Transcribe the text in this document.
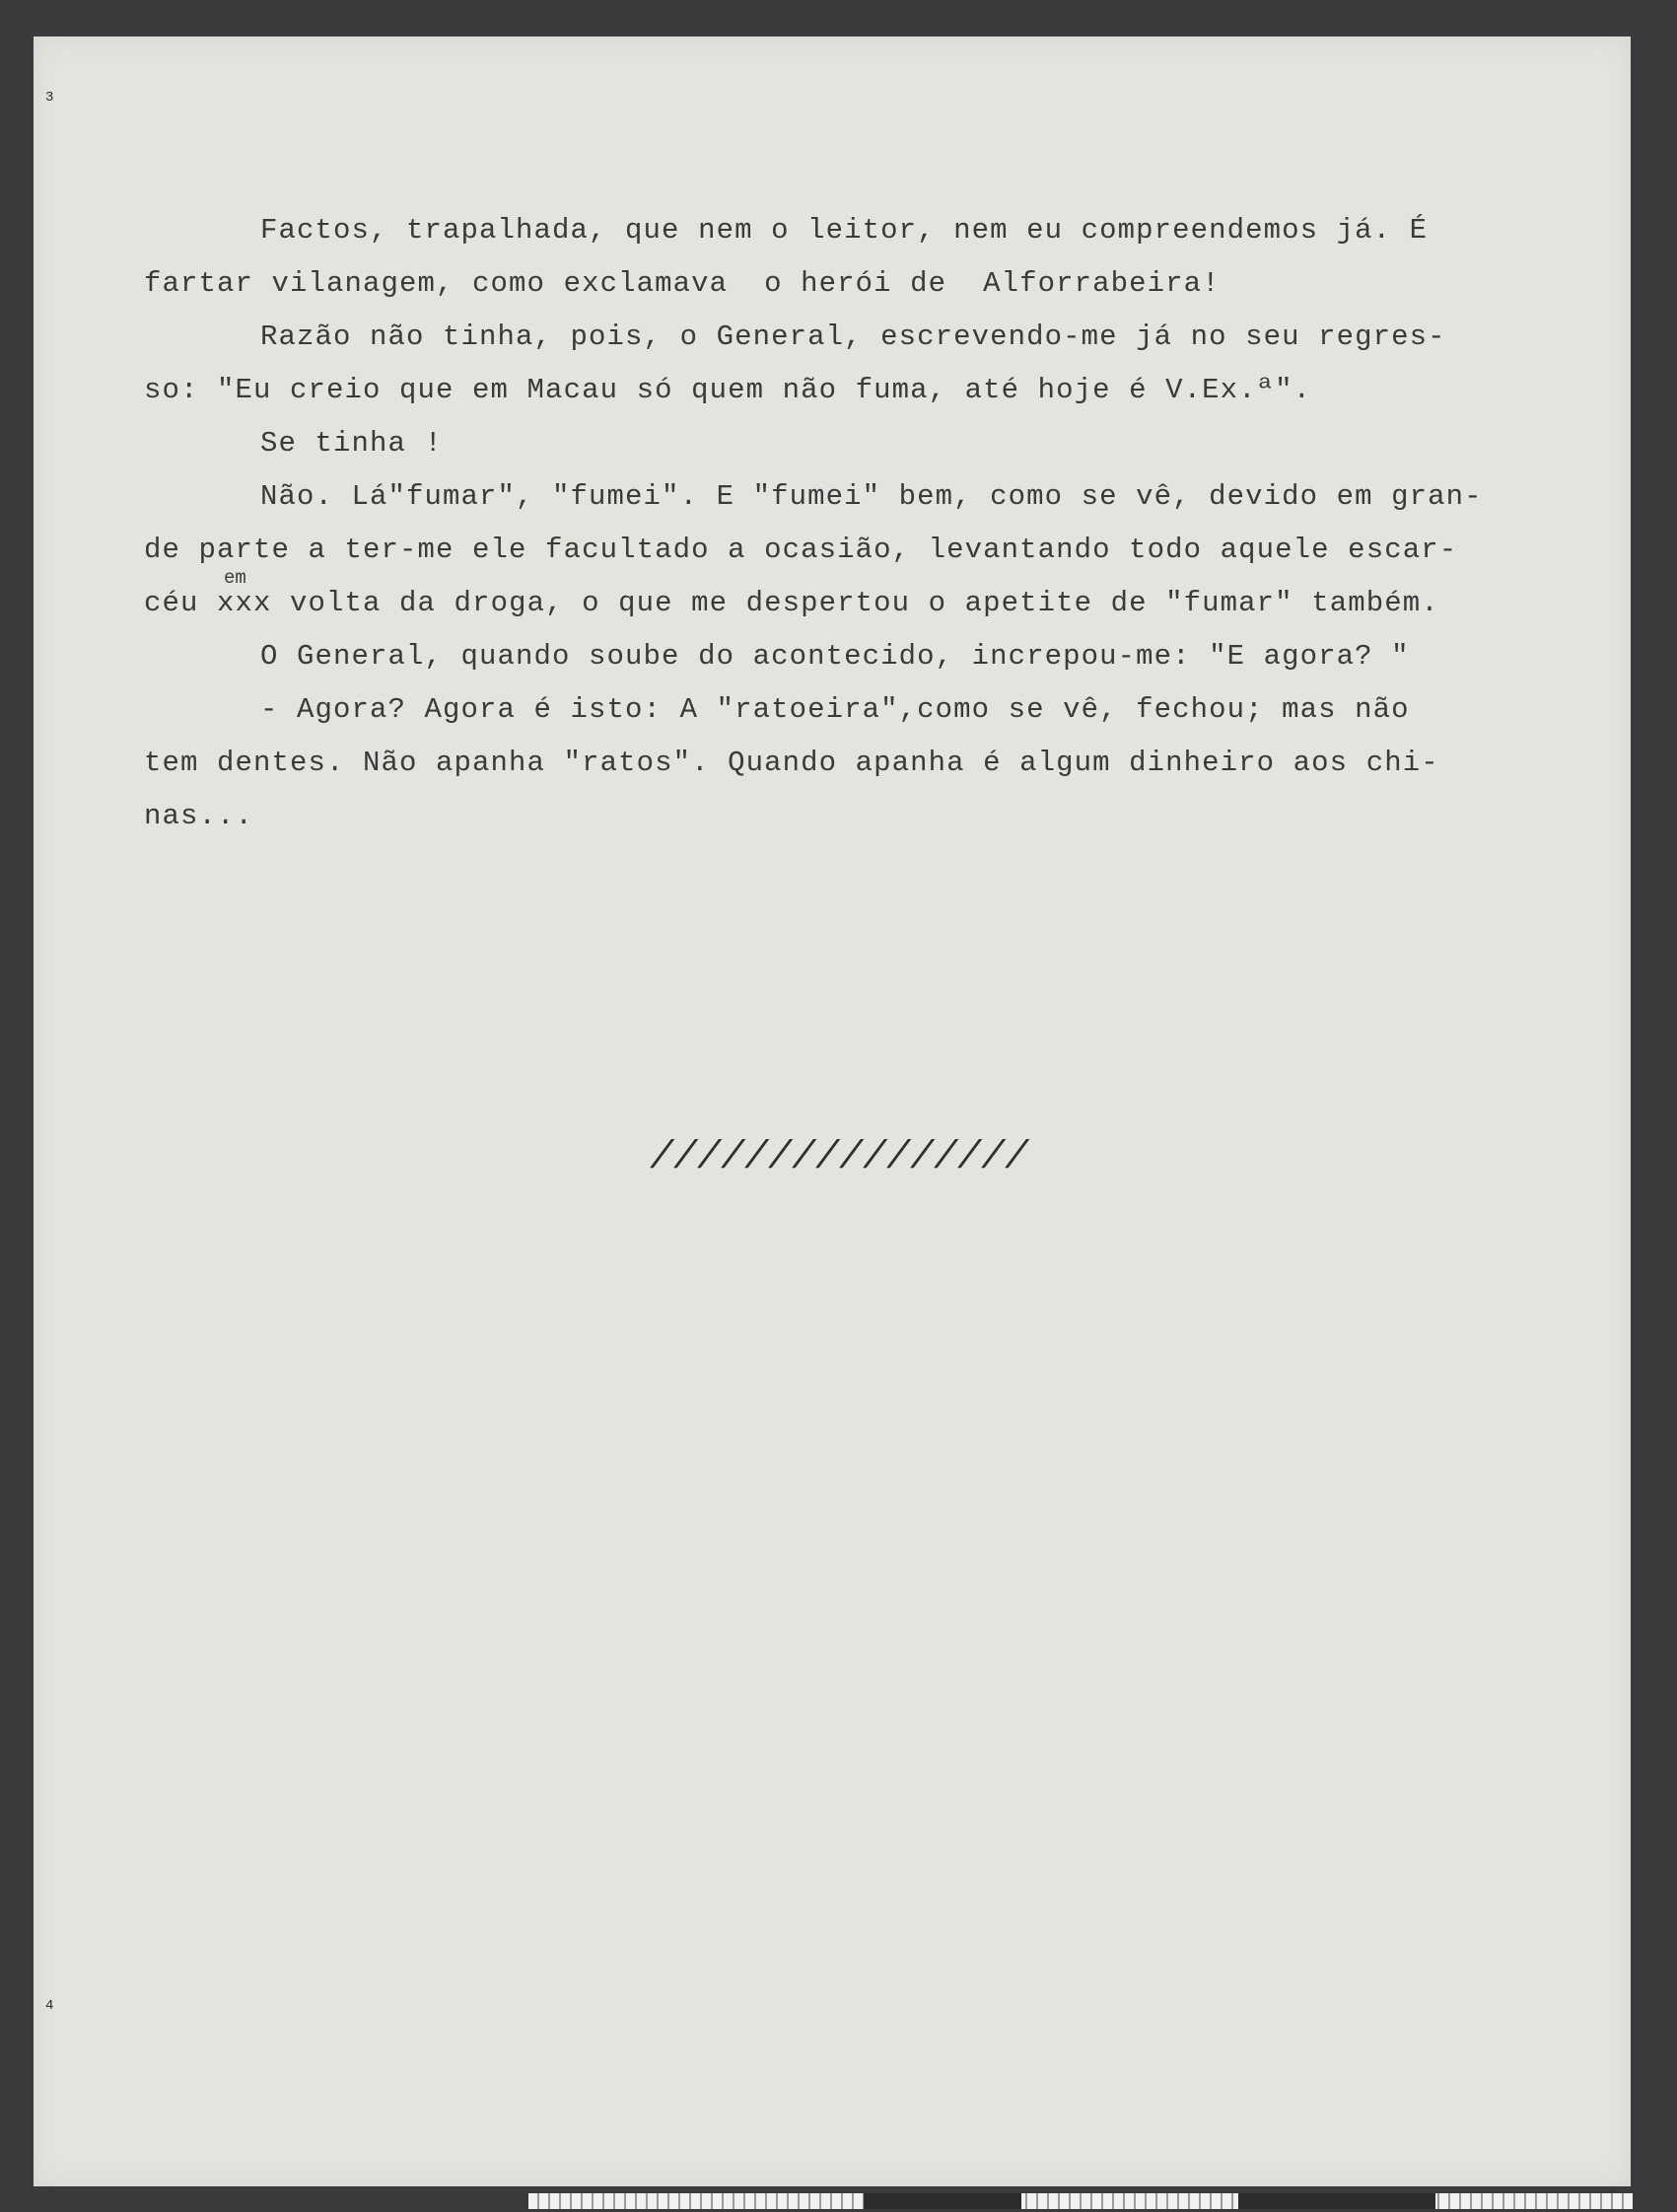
3
4
Factos, trapalhada, que nem o leitor, nem eu compreendemos já. É
fartar vilanagem, como exclamava  o herói de  Alforrabeira!
Razão não tinha, pois, o General, escrevendo-me já no seu regres-
so: "Eu creio que em Macau só quem não fuma, até hoje é V.Ex.ª".
Se tinha !
Não. Lá"fumar", "fumei". E "fumei" bem, como se vê, devido em gran-
de parte a ter-me ele facultado a ocasião, levantando todo aquele escar-
céu em xxx volta da droga, o que me despertou o apetite de "fumar" também.
O General, quando soube do acontecido, increpou-me: "E agora? "
- Agora? Agora é isto: A "ratoeira",como se vê, fechou; mas não
tem dentes. Não apanha "ratos". Quando apanha é algum dinheiro aos chi-
nas...
////////////////
